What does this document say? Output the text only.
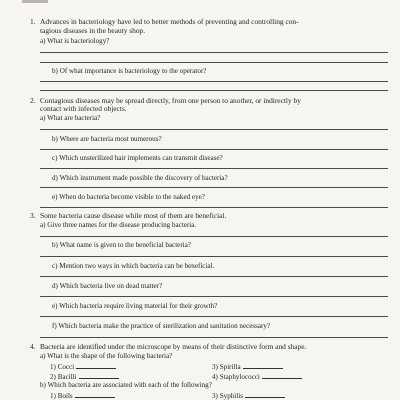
1. Advances in bacteriology have led to better methods of preventing and controlling con-
tagious diseases in the beauty shop.
a) What is bacteriology?
b) Of what importance is bacteriology to the operator?
2. Contagious diseases may be spread directly, from one person to another, or indirectly by
contact with infected objects.
a) What are bacteria?
b) Where are bacteria most numerous?
c) Which unsterilized hair implements can transmit disease?
d) Which instrument made possible the discovery of bacteria?
e) When do bacteria become visible to the naked eye?
3. Some bacteria cause disease while most of them are beneficial.
a) Give three names for the disease producing bacteria.
b) What name is given to the beneficial bacteria?
c) Mention two ways in which bacteria can be beneficial.
d) Which bacteria live on dead matter?
e) Which bacteria require living material for their growth?
f) Which bacteria make the practice of sterilization and sanitation necessary?
4. Bacteria are identified under the microscope by means of their distinctive form and shape.
a) What is the shape of the following bacteria?
1) Cocci	3) Spirilla
2) Bacilli	4) Staphylococci
b) Which bacteria are associated with each of the following?
1) Boils	3) Syphilis
